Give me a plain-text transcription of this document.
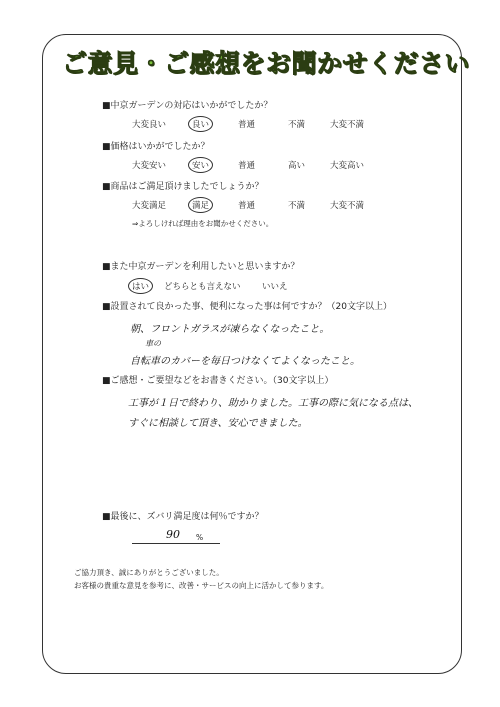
ご意見・ご感想をお聞かせください
■中京ガーデンの対応はいかがでしたか？
大変良い	良い	普通	不満	大変不満
■価格はいかがでしたか？
大変安い	安い	普通	高い	大変高い
■商品はご満足頂けましたでしょうか？
大変満足	満足	普通	不満	大変不満
⇒よろしければ理由をお聞かせください。
■また中京ガーデンを利用したいと思いますか？
はい	どちらとも言えない	いいえ
■設置されて良かった事、便利になった事は何ですか？（20文字以上）
朝、フロントガラスが凍らなくなったこと。
車の
自転車のカバーを毎日つけなくてよくなったこと。
■ご感想・ご要望などをお書きください。（30文字以上）
工事が１日で終わり、助かりました。工事の際に気になる点は、
すぐに相談して頂き、安心できました。
■最後に、ズバリ満足度は何％ですか？
90 %
ご協力頂き、誠にありがとうございました。
お客様の貴重な意見を参考に、改善・サービスの向上に活かして参ります。
